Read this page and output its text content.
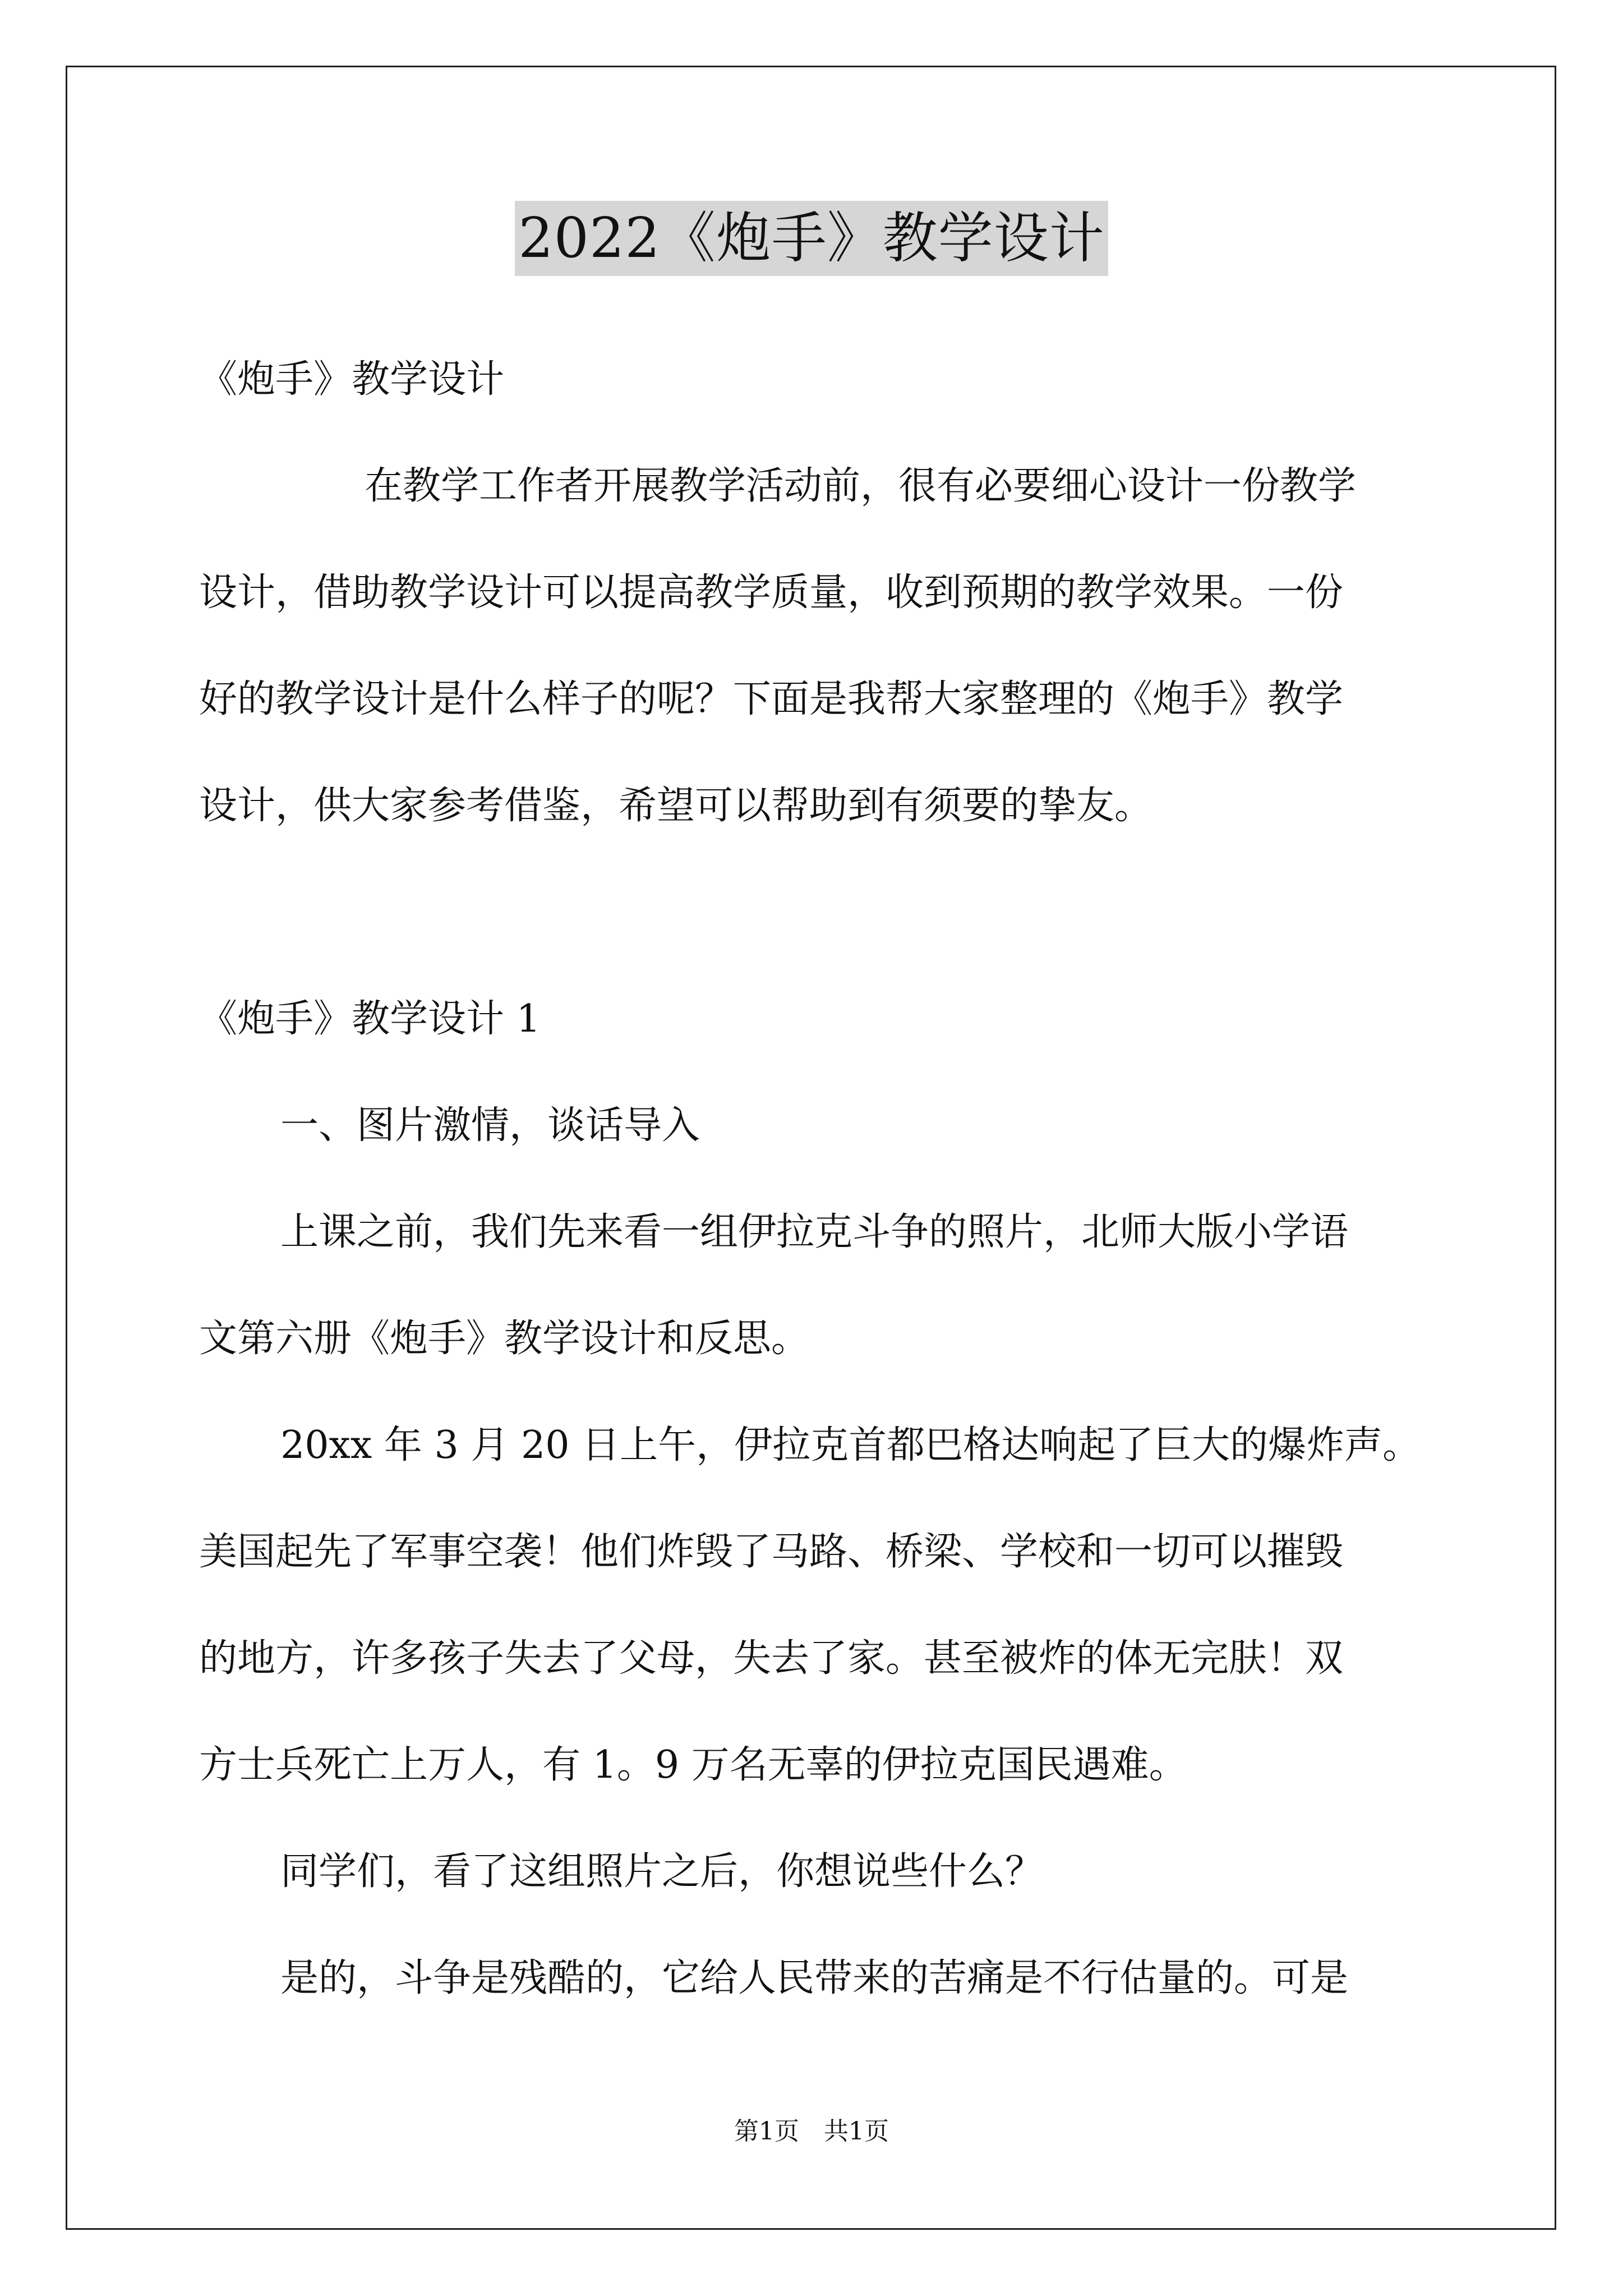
2022《炮手》教学设计
《炮手》教学设计
在教学工作者开展教学活动前，很有必要细心设计一份教学
设计，借助教学设计可以提高教学质量，收到预期的教学效果。一份
好的教学设计是什么样子的呢？下面是我帮大家整理的《炮手》教学
设计，供大家参考借鉴，希望可以帮助到有须要的挚友。
《炮手》教学设计 1
一、图片激情，谈话导入
上课之前，我们先来看一组伊拉克斗争的照片，北师大版小学语
文第六册《炮手》教学设计和反思。
20xx 年 3 月 20 日上午，伊拉克首都巴格达响起了巨大的爆炸声。
美国起先了军事空袭！他们炸毁了马路、桥梁、学校和一切可以摧毁
的地方，许多孩子失去了父母，失去了家。甚至被炸的体无完肤！双
方士兵死亡上万人，有 1。9 万名无辜的伊拉克国民遇难。
同学们，看了这组照片之后，你想说些什么？
是的，斗争是残酷的，它给人民带来的苦痛是不行估量的。可是
第1页　共1页
